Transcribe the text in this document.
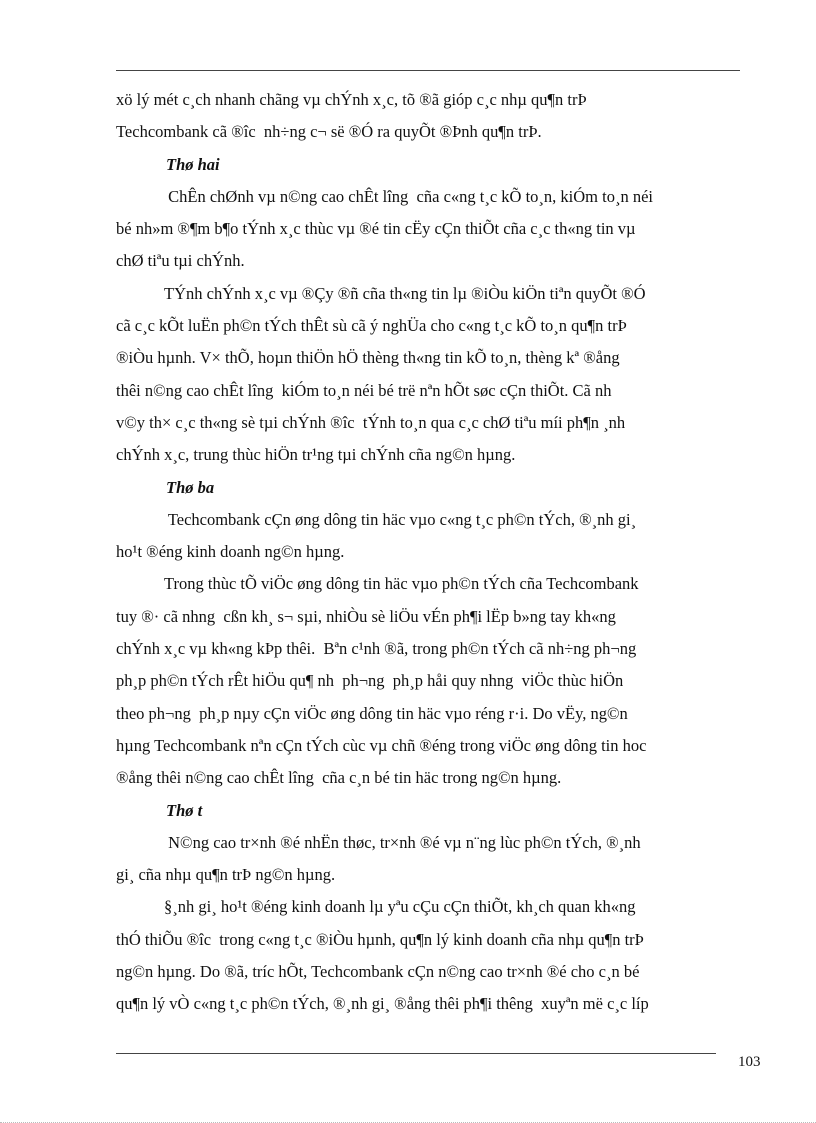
xö lý mét c¸ch nhanh chãng vµ chÝnh x¸c, tõ ®ã gióp c¸c nhµ qu¶n trÞ
Techcombank cã ®îc  nh÷ng c¬ së ®Ó ra quyÕt ®Þnh qu¶n trÞ.
Thø hai
ChÊn chØnh vµ n©ng cao chÊt lîng  cña c«ng t¸c kÕ to¸n, kiÓm to¸n néi
bé nh»m ®¶m b¶o tÝnh x¸c thùc vµ ®é tin cËy cÇn thiÕt cña c¸c th«ng tin vµ
chØ tiªu tµi chÝnh.
TÝnh chÝnh x¸c vµ ®Çy ®ñ cña th«ng tin lµ ®iÒu kiÖn tiªn quyÕt ®Ó
cã c¸c kÕt luËn ph©n tÝch thÊt sù cã ý nghÜa cho c«ng t¸c kÕ to¸n qu¶n trÞ
®iÒu hµnh. V× thÕ, hoµn thiÖn hÖ thèng th«ng tin kÕ to¸n, thèng kª ®ång
thêi n©ng cao chÊt lîng  kiÓm to¸n néi bé trë nªn hÕt søc cÇn thiÕt. Cã nh
v©y th× c¸c th«ng sè tµi chÝnh ®îc  tÝnh to¸n qua c¸c chØ tiªu míi ph¶n ¸nh
chÝnh x¸c, trung thùc hiÖn tr¹ng tµi chÝnh cña ng©n hµng.
Thø ba
Techcombank cÇn øng dông tin häc vµo c«ng t¸c ph©n tÝch, ®¸nh gi¸
ho¹t ®éng kinh doanh ng©n hµng.
Trong thùc tÕ viÖc øng dông tin häc vµo ph©n tÝch cña Techcombank
tuy ®· cã nhng  cßn kh¸ s¬ sµi, nhiÒu sè liÖu vÉn ph¶i lËp b»ng tay kh«ng
chÝnh x¸c vµ kh«ng kÞp thêi.  Bªn c¹nh ®ã, trong ph©n tÝch cã nh÷ng ph¬ng
ph¸p ph©n tÝch rÊt hiÖu qu¶ nh  ph¬ng  ph¸p håi quy nhng  viÖc thùc hiÖn
theo ph¬ng  ph¸p nµy cÇn viÖc øng dông tin häc vµo réng r·i. Do vËy, ng©n
hµng Techcombank nªn cÇn tÝch cùc vµ chñ ®éng trong viÖc øng dông tin hoc
®ång thêi n©ng cao chÊt lîng  cña c¸n bé tin häc trong ng©n hµng.
Thø t
N©ng cao tr×nh ®é nhËn thøc, tr×nh ®é vµ n¨ng lùc ph©n tÝch, ®¸nh
gi¸ cña nhµ qu¶n trÞ ng©n hµng.
§¸nh gi¸ ho¹t ®éng kinh doanh lµ yªu cÇu cÇn thiÕt, kh¸ch quan kh«ng
thÓ thiÕu ®îc  trong c«ng t¸c ®iÒu hµnh, qu¶n lý kinh doanh cña nhµ qu¶n trÞ
ng©n hµng. Do ®ã, tríc hÕt, Techcombank cÇn n©ng cao tr×nh ®é cho c¸n bé
qu¶n lý vÒ c«ng t¸c ph©n tÝch, ®¸nh gi¸ ®ång thêi ph¶i thêng  xuyªn më c¸c líp
103
